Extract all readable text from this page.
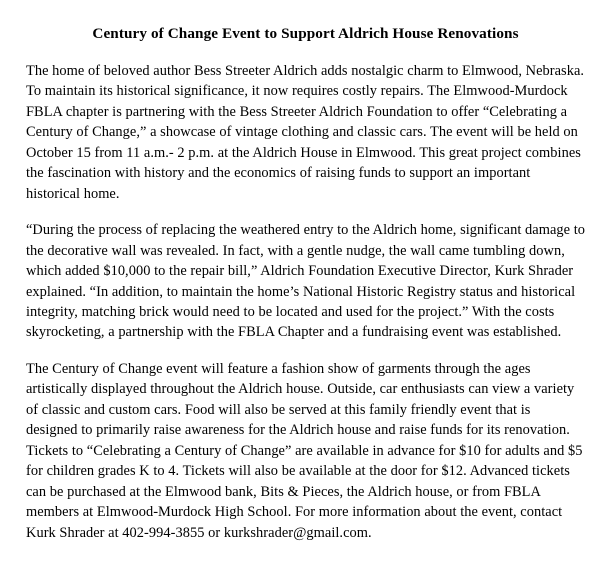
Century of Change Event to Support Aldrich House Renovations

The home of beloved author Bess Streeter Aldrich adds nostalgic charm to Elmwood, Nebraska. To maintain its historical significance, it now requires costly repairs. The Elmwood-Murdock FBLA chapter is partnering with the Bess Streeter Aldrich Foundation to offer “Celebrating a Century of Change,” a showcase of vintage clothing and classic cars. The event will be held on October 15 from 11 a.m.- 2 p.m. at the Aldrich House in Elmwood. This great project combines the fascination with history and the economics of raising funds to support an important historical home.

“During the process of replacing the weathered entry to the Aldrich home, significant damage to the decorative wall was revealed. In fact, with a gentle nudge, the wall came tumbling down, which added $10,000 to the repair bill,” Aldrich Foundation Executive Director, Kurk Shrader explained. “In addition, to maintain the home’s National Historic Registry status and historical integrity, matching brick would need to be located and used for the project.” With the costs skyrocketing, a partnership with the FBLA Chapter and a fundraising event was established.

The Century of Change event will feature a fashion show of garments through the ages artistically displayed throughout the Aldrich house. Outside, car enthusiasts can view a variety of classic and custom cars. Food will also be served at this family friendly event that is designed to primarily raise awareness for the Aldrich house and raise funds for its renovation. Tickets to “Celebrating a Century of Change” are available in advance for $10 for adults and $5 for children grades K to 4. Tickets will also be available at the door for $12. Advanced tickets can be purchased at the Elmwood bank, Bits & Pieces, the Aldrich house, or from FBLA members at Elmwood-Murdock High School. For more information about the event, contact Kurk Shrader at 402-994-3855 or kurkshrader@gmail.com.
